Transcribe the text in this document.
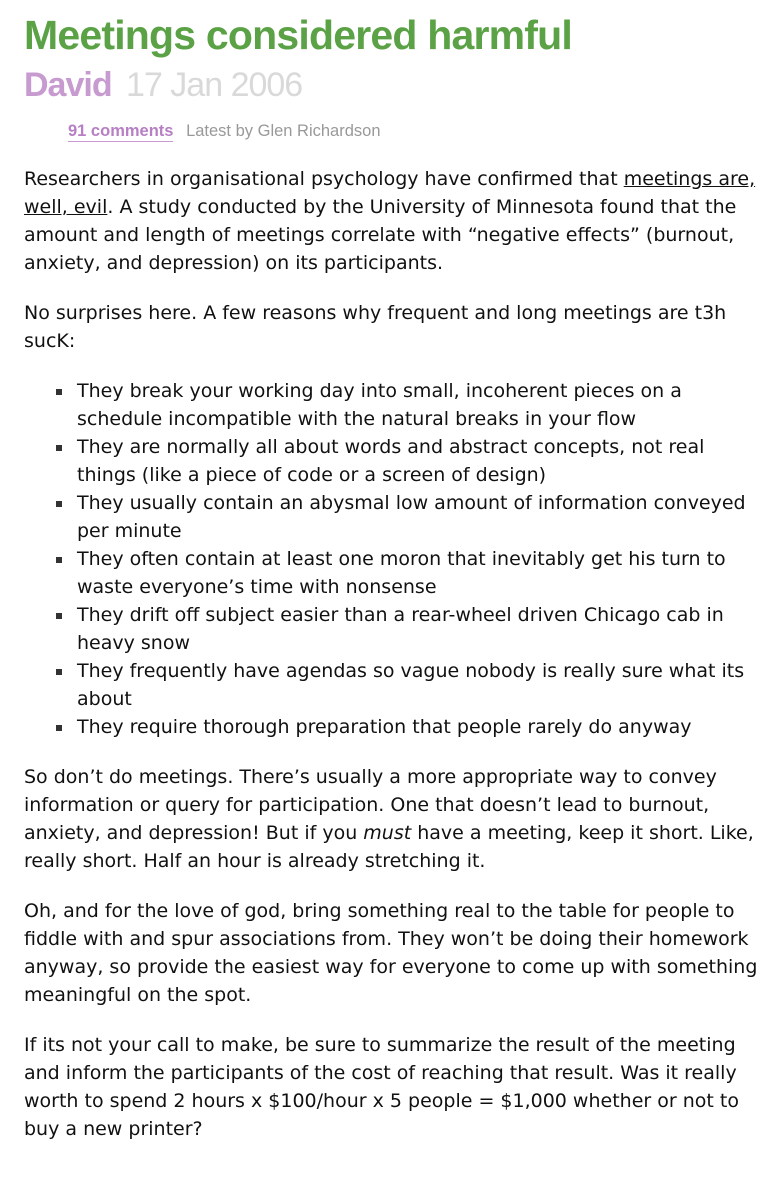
Meetings considered harmful
David 17 Jan 2006
91 comments Latest by Glen Richardson

Researchers in organisational psychology have confirmed that meetings are, well, evil. A study conducted by the University of Minnesota found that the amount and length of meetings correlate with “negative effects” (burnout, anxiety, and depression) on its participants.

No surprises here. A few reasons why frequent and long meetings are t3h sucK:

They break your working day into small, incoherent pieces on a schedule incompatible with the natural breaks in your flow
They are normally all about words and abstract concepts, not real things (like a piece of code or a screen of design)
They usually contain an abysmal low amount of information conveyed per minute
They often contain at least one moron that inevitably get his turn to waste everyone’s time with nonsense
They drift off subject easier than a rear-wheel driven Chicago cab in heavy snow
They frequently have agendas so vague nobody is really sure what its about
They require thorough preparation that people rarely do anyway

So don’t do meetings. There’s usually a more appropriate way to convey information or query for participation. One that doesn’t lead to burnout, anxiety, and depression! But if you must have a meeting, keep it short. Like, really short. Half an hour is already stretching it.

Oh, and for the love of god, bring something real to the table for people to fiddle with and spur associations from. They won’t be doing their homework anyway, so provide the easiest way for everyone to come up with something meaningful on the spot.

If its not your call to make, be sure to summarize the result of the meeting and inform the participants of the cost of reaching that result. Was it really worth to spend 2 hours x $100/hour x 5 people = $1,000 whether or not to buy a new printer?
